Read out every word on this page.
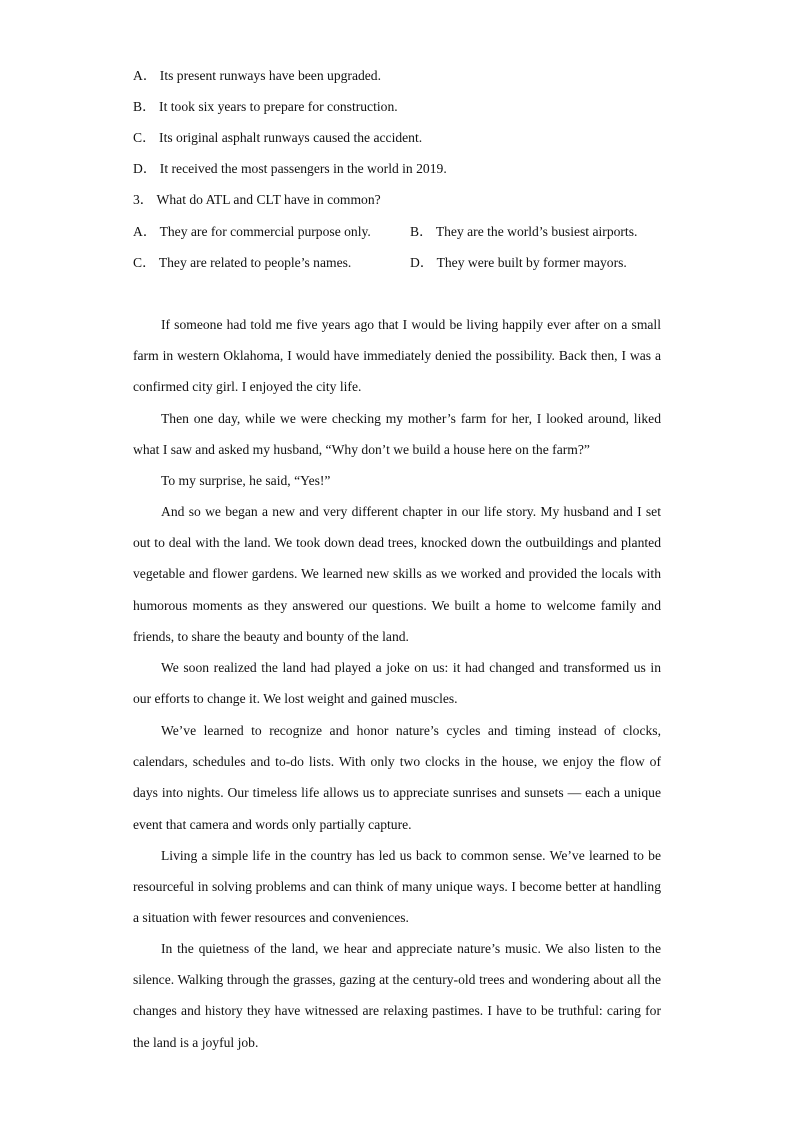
A． Its present runways have been upgraded.
B． It took six years to prepare for construction.
C． Its original asphalt runways caused the accident.
D． It received the most passengers in the world in 2019.
3． What do ATL and CLT have in common?
A． They are for commercial purpose only.	B． They are the world’s busiest airports.
C． They are related to people’s names.	D． They were built by former mayors.

If someone had told me five years ago that I would be living happily ever after on a small farm in western Oklahoma, I would have immediately denied the possibility. Back then, I was a confirmed city girl. I enjoyed the city life.

Then one day, while we were checking my mother’s farm for her, I looked around, liked what I saw and asked my husband, “Why don’t we build a house here on the farm?”

To my surprise, he said, “Yes!”

And so we began a new and very different chapter in our life story. My husband and I set out to deal with the land. We took down dead trees, knocked down the outbuildings and planted vegetable and flower gardens. We learned new skills as we worked and provided the locals with humorous moments as they answered our questions. We built a home to welcome family and friends, to share the beauty and bounty of the land.

We soon realized the land had played a joke on us: it had changed and transformed us in our efforts to change it. We lost weight and gained muscles.

We’ve learned to recognize and honor nature’s cycles and timing instead of clocks, calendars, schedules and to-do lists. With only two clocks in the house, we enjoy the flow of days into nights. Our timeless life allows us to appreciate sunrises and sunsets — each a unique event that camera and words only partially capture.

Living a simple life in the country has led us back to common sense. We’ve learned to be resourceful in solving problems and can think of many unique ways. I become better at handling a situation with fewer resources and conveniences.

In the quietness of the land, we hear and appreciate nature’s music. We also listen to the silence. Walking through the grasses, gazing at the century-old trees and wondering about all the changes and history they have witnessed are relaxing pastimes. I have to be truthful: caring for the land is a joyful job.
